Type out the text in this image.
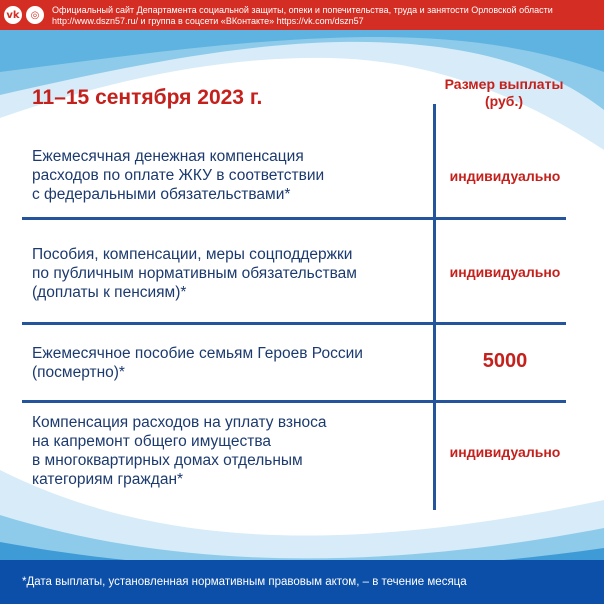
vk	◎	Официальный сайт Департамента социальной защиты, опеки и попечительства, труда и занятости Орловской области
http://www.dszn57.ru/ и группа в соцсети «ВКонтакте» https://vk.com/dszn57
11–15 сентября 2023 г.
Размер выплаты
(руб.)
Ежемесячная денежная компенсация
расходов по оплате ЖКУ в соответствии
с федеральными обязательствами*
индивидуально
Пособия, компенсации, меры соцподдержки
по публичным нормативным обязательствам
(доплаты к пенсиям)*
индивидуально
Ежемесячное пособие семьям Героев России
(посмертно)*
5000
Компенсация расходов на уплату взноса
на капремонт общего имущества
в многоквартирных домах отдельным
категориям граждан*
индивидуально
*Дата выплаты, установленная нормативным правовым актом, – в течение месяца
